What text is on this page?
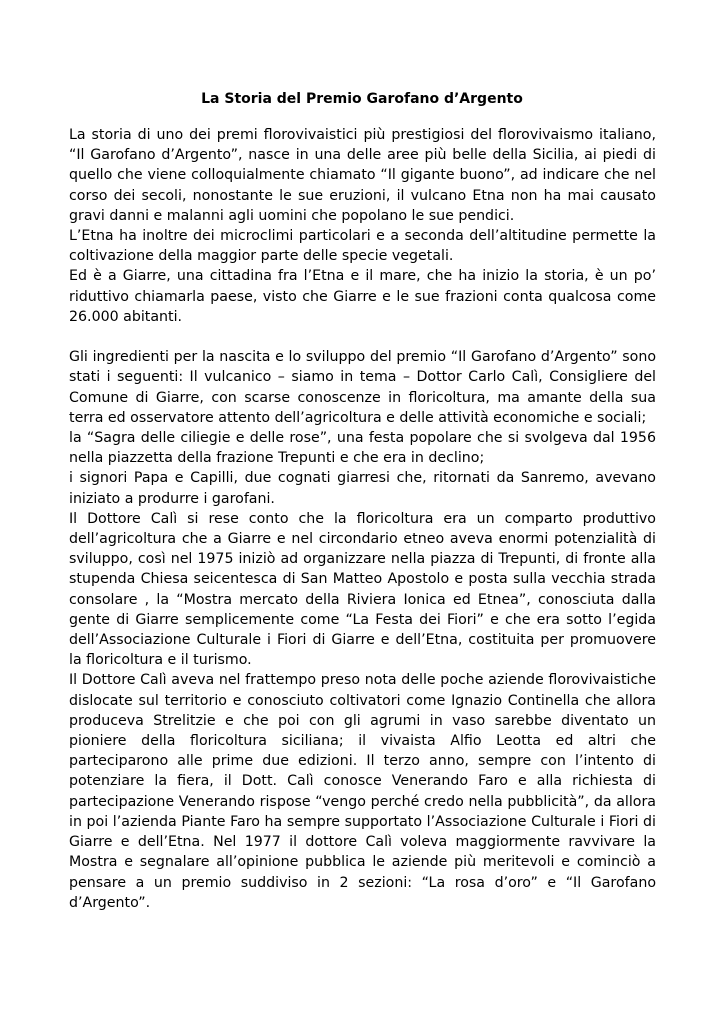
La Storia del Premio Garofano d’Argento

La storia di uno dei premi florovivaistici più prestigiosi del florovivaismo italiano, “Il Garofano d’Argento”, nasce in una delle aree più belle della Sicilia, ai piedi di quello che viene colloquialmente chiamato “Il gigante buono”, ad indicare che nel corso dei secoli, nonostante le sue eruzioni, il vulcano Etna non ha mai causato gravi danni e malanni agli uomini che popolano le sue pendici.

L’Etna ha inoltre dei microclimi particolari e a seconda dell’altitudine permette la coltivazione della maggior parte delle specie vegetali.

Ed è a Giarre, una cittadina fra l’Etna e il mare, che ha inizio la storia, è un po’ riduttivo chiamarla paese, visto che Giarre e le sue frazioni conta qualcosa come 26.000 abitanti.

Gli ingredienti per la nascita e lo sviluppo del premio “Il Garofano d’Argento” sono stati i seguenti: Il vulcanico – siamo in tema – Dottor Carlo Calì, Consigliere del Comune di Giarre, con scarse conoscenze in floricoltura, ma amante della sua terra ed osservatore attento dell’agricoltura e delle attività economiche e sociali;

la “Sagra delle ciliegie e delle rose”, una festa popolare che si svolgeva dal 1956 nella piazzetta della frazione Trepunti e che era in declino;

i signori Papa e Capilli, due cognati giarresi che, ritornati da Sanremo, avevano iniziato a produrre i garofani.

Il Dottore Calì si rese conto che la floricoltura era un comparto produttivo dell’agricoltura che a Giarre e nel circondario etneo aveva enormi potenzialità di sviluppo, così nel 1975 iniziò ad organizzare nella piazza di Trepunti, di fronte alla stupenda Chiesa seicentesca di San Matteo Apostolo e posta sulla vecchia strada consolare , la “Mostra mercato della Riviera Ionica ed Etnea”, conosciuta dalla gente di Giarre semplicemente come “La Festa dei Fiori” e che era sotto l’egida dell’Associazione Culturale i Fiori di Giarre e dell’Etna, costituita per promuovere la floricoltura e il turismo.

Il Dottore Calì aveva nel frattempo preso nota delle poche aziende florovivaistiche dislocate sul territorio e conosciuto coltivatori come Ignazio Continella che allora produceva Strelitzie e che poi con gli agrumi in vaso sarebbe diventato un pioniere della floricoltura siciliana; il vivaista Alfio Leotta ed altri che parteciparono alle prime due edizioni. Il terzo anno, sempre con l’intento di potenziare la fiera, il Dott. Calì conosce Venerando Faro e alla richiesta di partecipazione Venerando rispose “vengo perché credo nella pubblicità”, da allora in poi l’azienda Piante Faro ha sempre supportato l’Associazione Culturale i Fiori di Giarre e dell’Etna. Nel 1977 il dottore Calì voleva maggiormente ravvivare la Mostra e segnalare all’opinione pubblica le aziende più meritevoli e cominciò a pensare a un premio suddiviso in 2 sezioni: “La rosa d’oro” e “Il Garofano d’Argento”.
